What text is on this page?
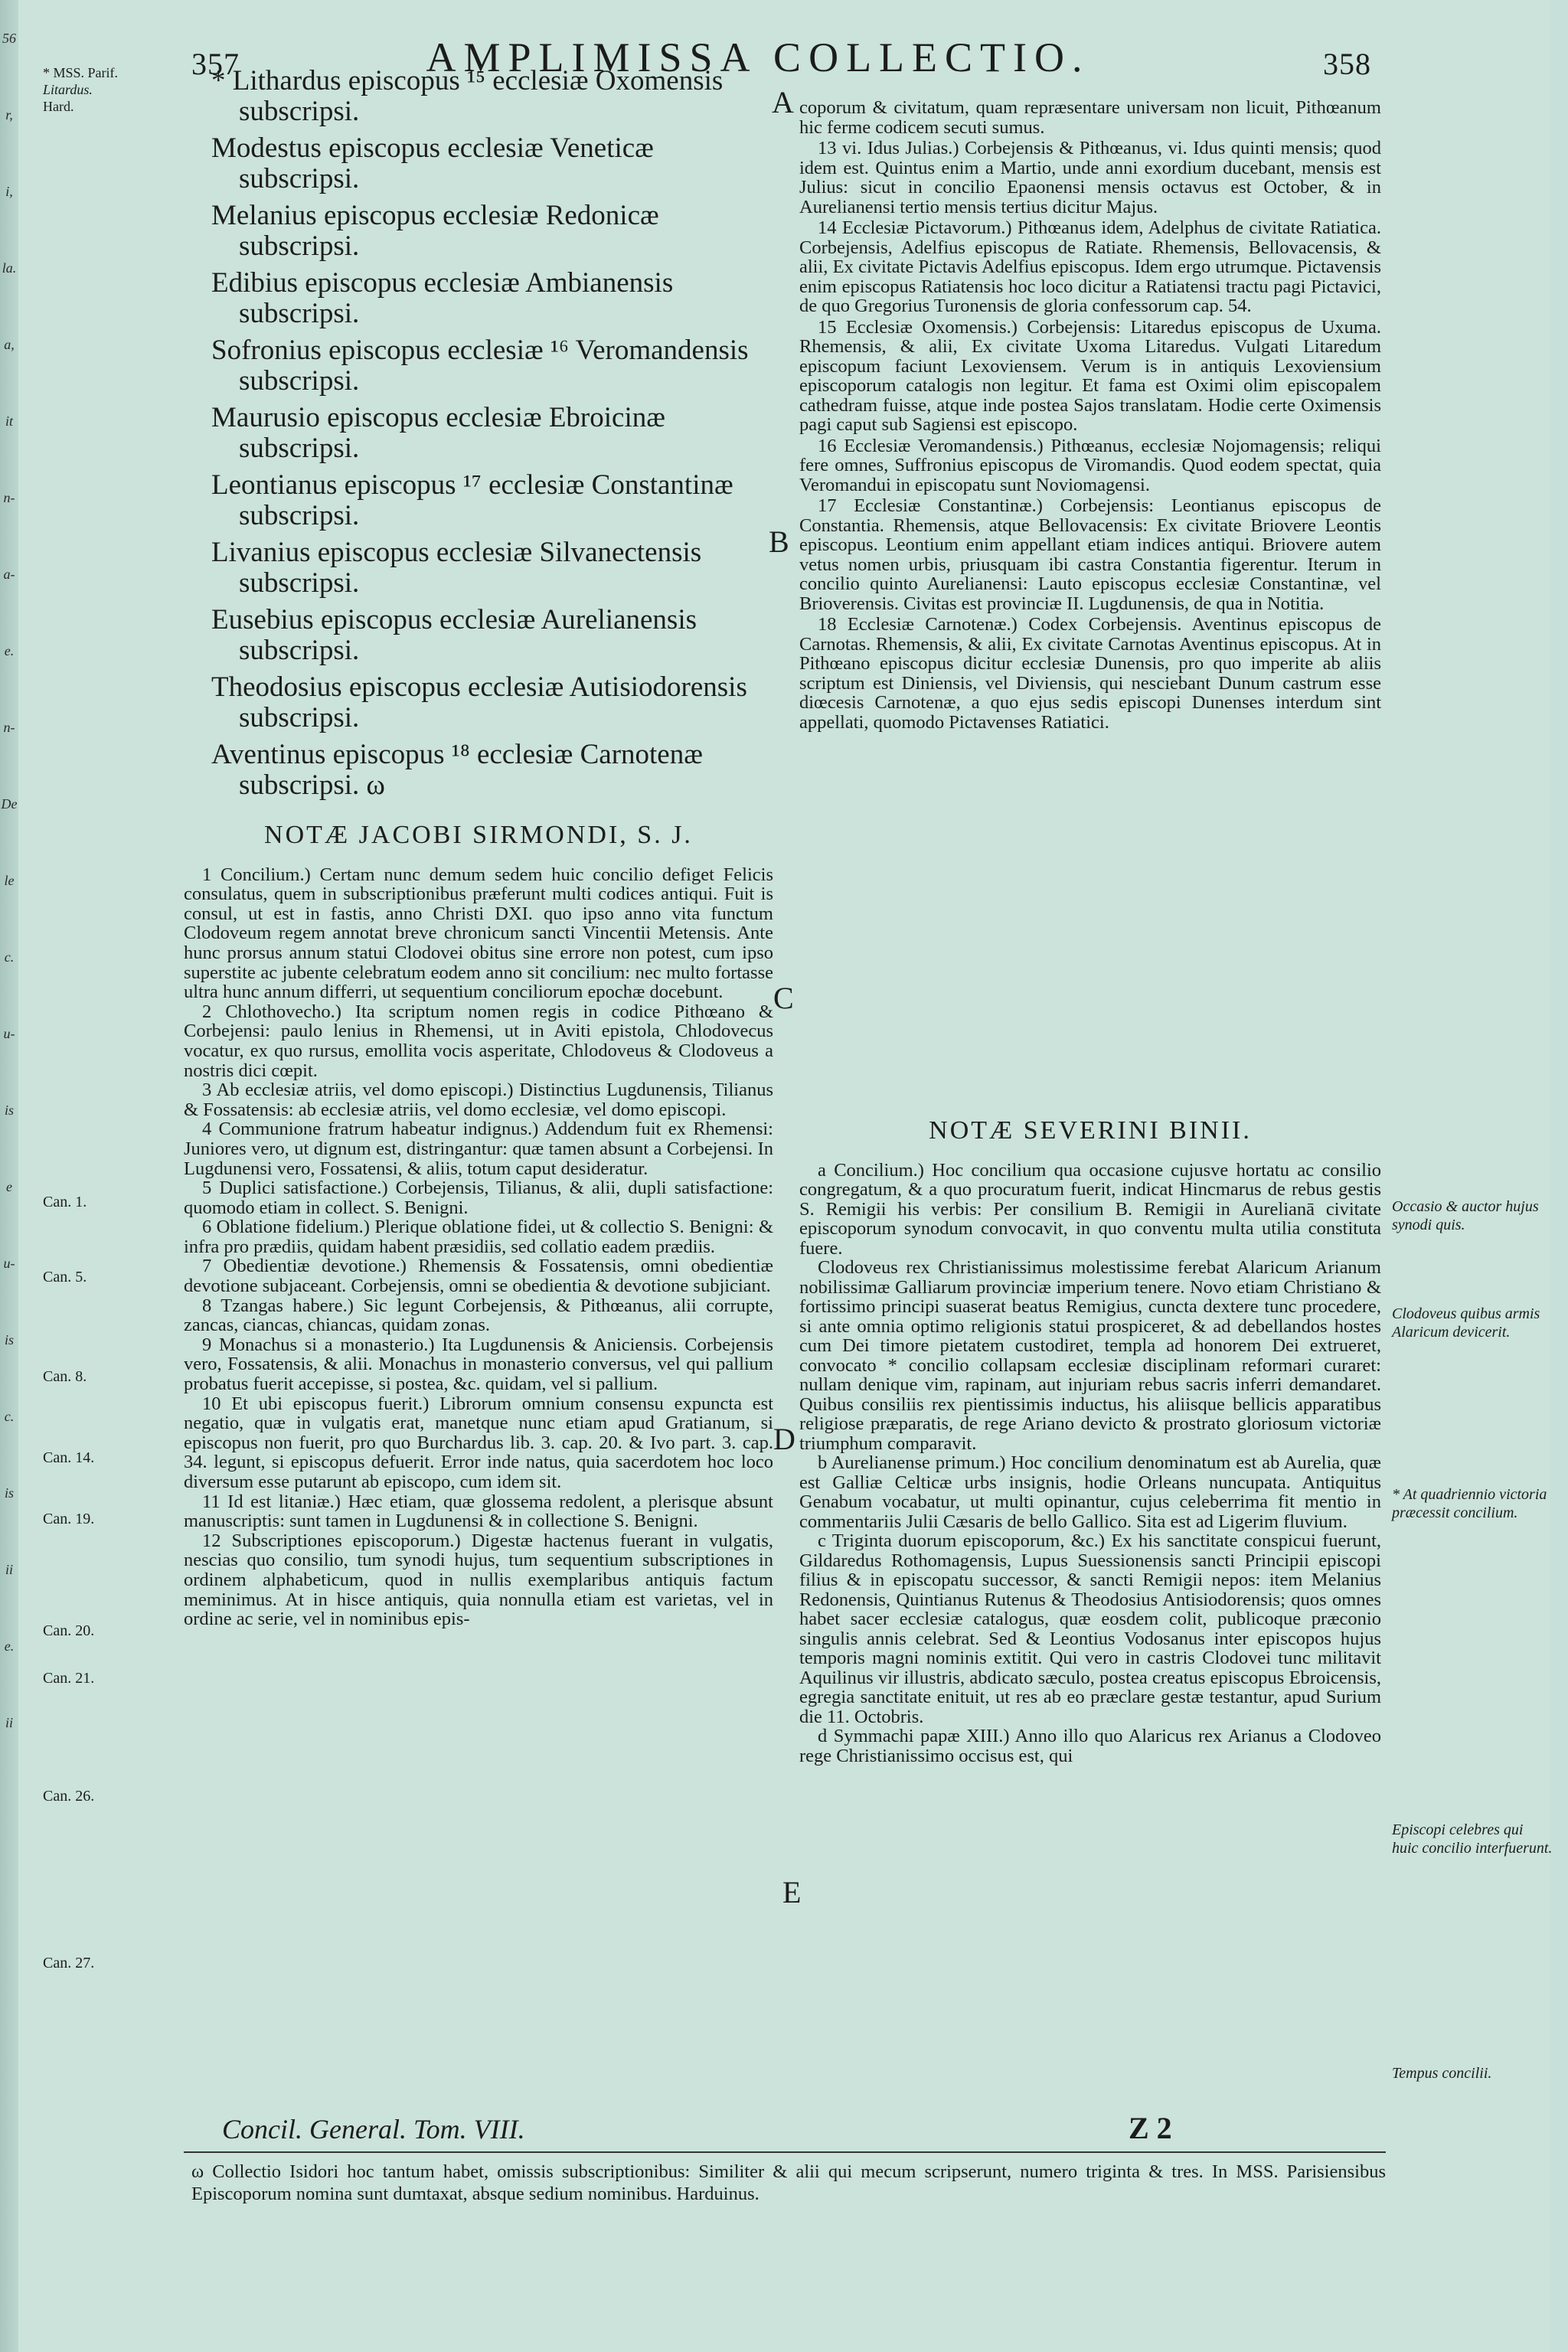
56
r,
i,
la.
a,
it
n-
a-
e.
n-
De
le
c.
u-
is
e
u-
is
c.
is
ii
e.
ii
357	AMPLIMISSA COLLECTIO.	358
* MSS. Parif.
Litardus.
Hard.

* Lithardus episcopus ¹⁵ ecclesiæ Oxomensis subscripsi.

Modestus episcopus ecclesiæ Veneticæ subscripsi.

Melanius episcopus ecclesiæ Redonicæ subscripsi.

Edibius episcopus ecclesiæ Ambianensis subscripsi.

Sofronius episcopus ecclesiæ ¹⁶ Veromandensis subscripsi.

Maurusio episcopus ecclesiæ Ebroicinæ subscripsi.

Leontianus episcopus ¹⁷ ecclesiæ Constantinæ subscripsi.

Livanius episcopus ecclesiæ Silvanectensis subscripsi.

Eusebius episcopus ecclesiæ Aurelianensis subscripsi.

Theodosius episcopus ecclesiæ Autisiodorensis subscripsi.

Aventinus episcopus ¹⁸ ecclesiæ Carnotenæ subscripsi. ω

coporum & civitatum, quam repræsentare universam non licuit, Pithœanum hic ferme codicem secuti sumus.

13 vi. Idus Julias.) Corbejensis & Pithœanus, vi. Idus quinti mensis; quod idem est. Quintus enim a Martio, unde anni exordium ducebant, mensis est Julius: sicut in concilio Epaonensi mensis octavus est October, & in Aurelianensi tertio mensis tertius dicitur Majus.

14 Ecclesiæ Pictavorum.) Pithœanus idem, Adelphus de civitate Ratiatica. Corbejensis, Adelfius episcopus de Ratiate. Rhemensis, Bellovacensis, & alii, Ex civitate Pictavis Adelfius episcopus. Idem ergo utrumque. Pictavensis enim episcopus Ratiatensis hoc loco dicitur a Ratiatensi tractu pagi Pictavici, de quo Gregorius Turonensis de gloria confessorum cap. 54.

15 Ecclesiæ Oxomensis.) Corbejensis: Litaredus episcopus de Uxuma. Rhemensis, & alii, Ex civitate Uxoma Litaredus. Vulgati Litaredum episcopum faciunt Lexoviensem. Verum is in antiquis Lexoviensium episcoporum catalogis non legitur. Et fama est Oximi olim episcopalem cathedram fuisse, atque inde postea Sajos translatam. Hodie certe Oximensis pagi caput sub Sagiensi est episcopo.

16 Ecclesiæ Veromandensis.) Pithœanus, ecclesiæ Nojomagensis; reliqui fere omnes, Suffronius episcopus de Viromandis. Quod eodem spectat, quia Veromandui in episcopatu sunt Noviomagensi.

17 Ecclesiæ Constantinæ.) Corbejensis: Leontianus episcopus de Constantia. Rhemensis, atque Bellovacensis: Ex civitate Briovere Leontis episcopus. Leontium enim appellant etiam indices antiqui. Briovere autem vetus nomen urbis, priusquam ibi castra Constantia figerentur. Iterum in concilio quinto Aurelianensi: Lauto episcopus ecclesiæ Constantinæ, vel Brioverensis. Civitas est provinciæ II. Lugdunensis, de qua in Notitia.

18 Ecclesiæ Carnotenæ.) Codex Corbejensis. Aventinus episcopus de Carnotas. Rhemensis, & alii, Ex civitate Carnotas Aventinus episcopus. At in Pithœano episcopus dicitur ecclesiæ Dunensis, pro quo imperite ab aliis scriptum est Diniensis, vel Diviensis, qui nesciebant Dunum castrum esse diœcesis Carnotenæ, a quo ejus sedis episcopi Dunenses interdum sint appellati, quomodo Pictavenses Ratiatici.

NOTÆ JACOBI SIRMONDI, S. J.

1 Concilium.) Certam nunc demum sedem huic concilio defiget Felicis consulatus, quem in subscriptionibus præferunt multi codices antiqui. Fuit is consul, ut est in fastis, anno Christi DXI. quo ipso anno vita functum Clodoveum regem annotat breve chronicum sancti Vincentii Metensis. Ante hunc prorsus annum statui Clodovei obitus sine errore non potest, cum ipso superstite ac jubente celebratum eodem anno sit concilium: nec multo fortasse ultra hunc annum differri, ut sequentium conciliorum epochæ docebunt.

2 Chlothovecho.) Ita scriptum nomen regis in codice Pithœano & Corbejensi: paulo lenius in Rhemensi, ut in Aviti epistola, Chlodovecus vocatur, ex quo rursus, emollita vocis asperitate, Chlodoveus & Clodoveus a nostris dici cœpit.

3 Ab ecclesiæ atriis, vel domo episcopi.) Distinctius Lugdunensis, Tilianus & Fossatensis: ab ecclesiæ atriis, vel domo ecclesiæ, vel domo episcopi.

4 Communione fratrum habeatur indignus.) Addendum fuit ex Rhemensi: Juniores vero, ut dignum est, distringantur: quæ tamen absunt a Corbejensi. In Lugdunensi vero, Fossatensi, & aliis, totum caput desideratur.

5 Duplici satisfactione.) Corbejensis, Tilianus, & alii, dupli satisfactione: quomodo etiam in collect. S. Benigni.

6 Oblatione fidelium.) Plerique oblatione fidei, ut & collectio S. Benigni: & infra pro prædiis, quidam habent præsidiis, sed collatio eadem prædiis.

7 Obedientiæ devotione.) Rhemensis & Fossatensis, omni obedientiæ devotione subjaceant. Corbejensis, omni se obedientia & devotione subjiciant.

8 Tzangas habere.) Sic legunt Corbejensis, & Pithœanus, alii corrupte, zancas, ciancas, chiancas, quidam zonas.

9 Monachus si a monasterio.) Ita Lugdunensis & Aniciensis. Corbejensis vero, Fossatensis, & alii. Monachus in monasterio conversus, vel qui pallium probatus fuerit accepisse, si postea, &c. quidam, vel si pallium.

10 Et ubi episcopus fuerit.) Librorum omnium consensu expuncta est negatio, quæ in vulgatis erat, manetque nunc etiam apud Gratianum, si episcopus non fuerit, pro quo Burchardus lib. 3. cap. 20. & Ivo part. 3. cap. 34. legunt, si episcopus defuerit. Error inde natus, quia sacerdotem hoc loco diversum esse putarunt ab episcopo, cum idem sit.

11 Id est litaniæ.) Hæc etiam, quæ glossema redolent, a plerisque absunt manuscriptis: sunt tamen in Lugdunensi & in collectione S. Benigni.

12 Subscriptiones episcoporum.) Digestæ hactenus fuerant in vulgatis, nescias quo consilio, tum synodi hujus, tum sequentium subscriptiones in ordinem alphabeticum, quod in nullis exemplaribus antiquis factum meminimus. At in hisce antiquis, quia nonnulla etiam est varietas, vel in ordine ac serie, vel in nominibus epis-

NOTÆ SEVERINI BINII.

a Concilium.) Hoc concilium qua occasione cujusve hortatu ac consilio congregatum, & a quo procuratum fuerit, indicat Hincmarus de rebus gestis S. Remigii his verbis: Per consilium B. Remigii in Aurelianā civitate episcoporum synodum convocavit, in quo conventu multa utilia constituta fuere.

Clodoveus rex Christianissimus molestissime ferebat Alaricum Arianum nobilissimæ Galliarum provinciæ imperium tenere. Novo etiam Christiano & fortissimo principi suaserat beatus Remigius, cuncta dextere tunc procedere, si ante omnia optimo religionis statui prospiceret, & ad debellandos hostes cum Dei timore pietatem custodiret, templa ad honorem Dei extrueret, convocato * concilio collapsam ecclesiæ disciplinam reformari curaret: nullam denique vim, rapinam, aut injuriam rebus sacris inferri demandaret. Quibus consiliis rex pientissimis inductus, his aliisque bellicis apparatibus religiose præparatis, de rege Ariano devicto & prostrato gloriosum victoriæ triumphum comparavit.

b Aurelianense primum.) Hoc concilium denominatum est ab Aurelia, quæ est Galliæ Celticæ urbs insignis, hodie Orleans nuncupata. Antiquitus Genabum vocabatur, ut multi opinantur, cujus celeberrima fit mentio in commentariis Julii Cæsaris de bello Gallico. Sita est ad Ligerim fluvium.

c Triginta duorum episcoporum, &c.) Ex his sanctitate conspicui fuerunt, Gildaredus Rothomagensis, Lupus Suessionensis sancti Principii episcopi filius & in episcopatu successor, & sancti Remigii nepos: item Melanius Redonensis, Quintianus Rutenus & Theodosius Antisiodorensis; quos omnes habet sacer ecclesiæ catalogus, quæ eosdem colit, publicoque præconio singulis annis celebrat. Sed & Leontius Vodosanus inter episcopos hujus temporis magni nominis extitit. Qui vero in castris Clodovei tunc militavit Aquilinus vir illustris, abdicato sæculo, postea creatus episcopus Ebroicensis, egregia sanctitate enituit, ut res ab eo præclare gestæ testantur, apud Surium die 11. Octobris.

d Symmachi papæ XIII.) Anno illo quo Alaricus rex Arianus a Clodoveo rege Christianissimo occisus est, qui

Can. 1.
Can. 5.
Can. 8.
Can. 14.
Can. 19.
Can. 20.
Can. 21.
Can. 26.
Can. 27.
Occasio & auctor hujus synodi quis.
Clodoveus quibus armis Alaricum devicerit.
* At quadriennio victoria præcessit concilium.
Episcopi celebres qui huic concilio interfuerunt.
Tempus concilii.
A
B
C
D
E
Concil. General. Tom. VIII.	Z 2
ω Collectio Isidori hoc tantum habet, omissis subscriptionibus: Similiter & alii qui mecum scripserunt, numero triginta & tres. In MSS. Parisiensibus Episcoporum nomina sunt dumtaxat, absque sedium nominibus. Harduinus.
